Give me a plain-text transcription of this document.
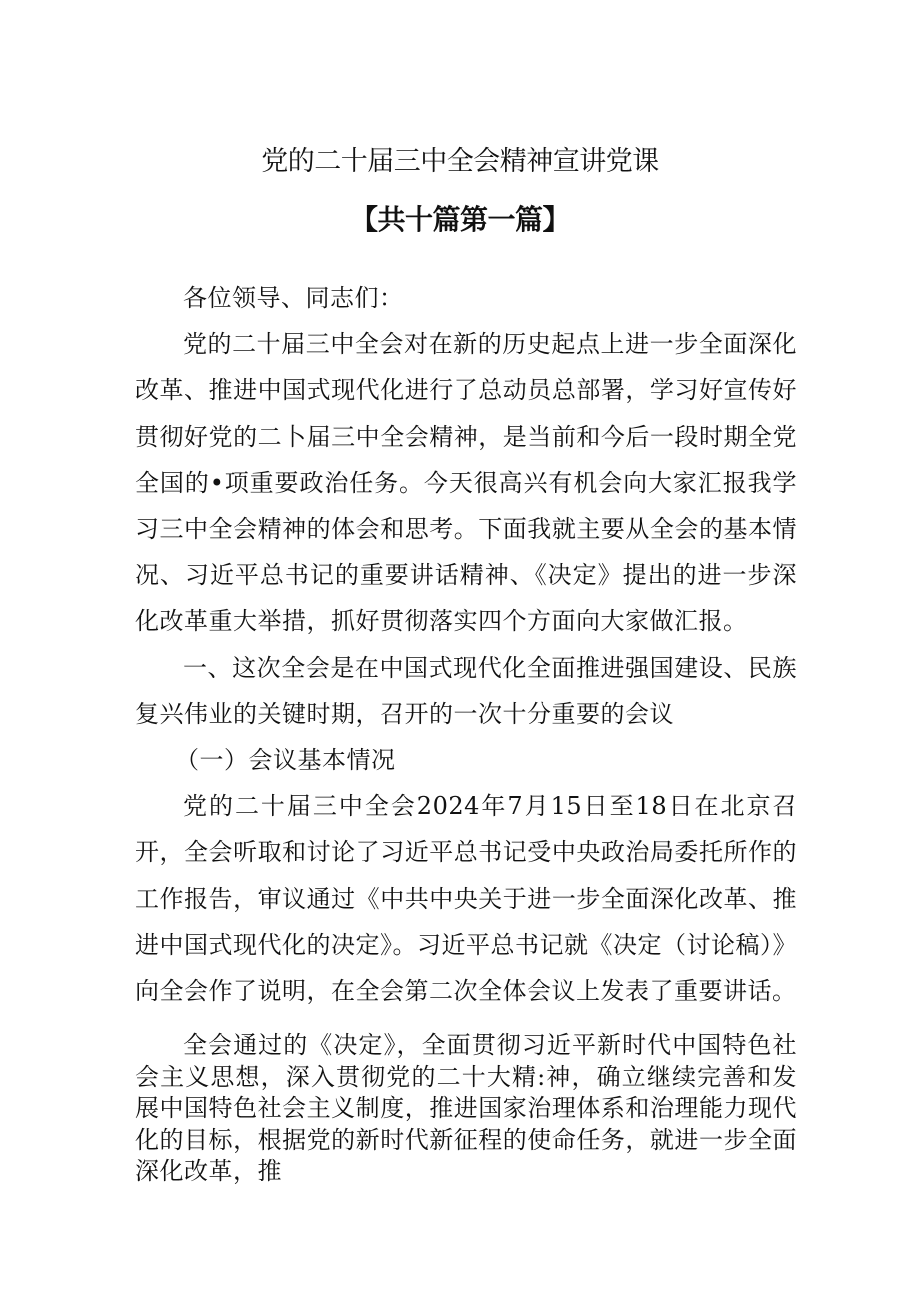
党的二十届三中全会精神宣讲党课
【共十篇第一篇】

各位领导、同志们：

党的二十届三中全会对在新的历史起点上进一步全面深化改革、推进中国式现代化进行了总动员总部署，学习好宣传好贯彻好党的二卜届三中全会精神，是当前和今后一段时期全党全国的•项重要政治任务。今天很高兴有机会向大家汇报我学习三中全会精神的体会和思考。下面我就主要从全会的基本情况、习近平总书记的重要讲话精神、《决定》提出的进一步深化改革重大举措，抓好贯彻落实四个方面向大家做汇报。

一、这次全会是在中国式现代化全面推进强国建设、民族复兴伟业的关键时期，召开的一次十分重要的会议

（一）会议基本情况

党的二十届三中全会2024年7月15日至18日在北京召开，全会听取和讨论了习近平总书记受中央政治局委托所作的工作报告，审议通过《中共中央关于进一步全面深化改革、推进中国式现代化的决定》。习近平总书记就《决定（讨论稿）》向全会作了说明，在全会第二次全体会议上发表了重要讲话。

全会通过的《决定》，全面贯彻习近平新时代中国特色社会主义思想，深入贯彻党的二十大精:神，确立继续完善和发展中国特色社会主义制度，推进国家治理体系和治理能力现代化的目标，根据党的新时代新征程的使命任务，就进一步全面深化改革，推
